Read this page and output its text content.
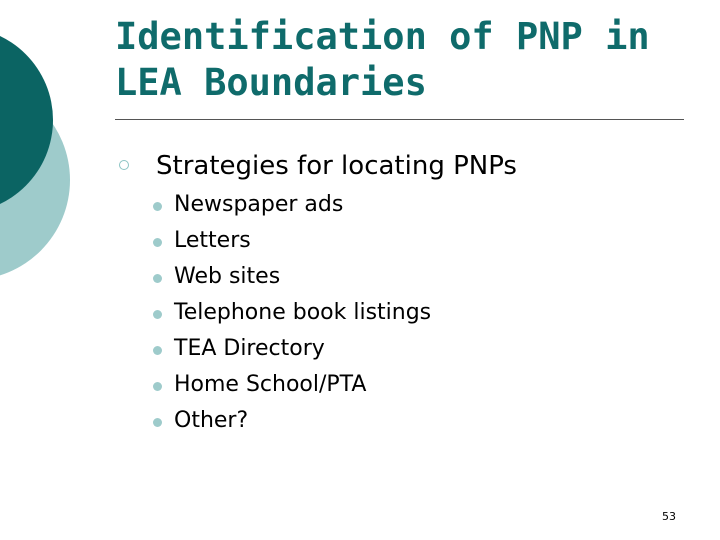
Identification of PNP in LEA Boundaries
Strategies for locating PNPs
Newspaper ads
Letters
Web sites
Telephone book listings
TEA Directory
Home School/PTA
Other?
53
